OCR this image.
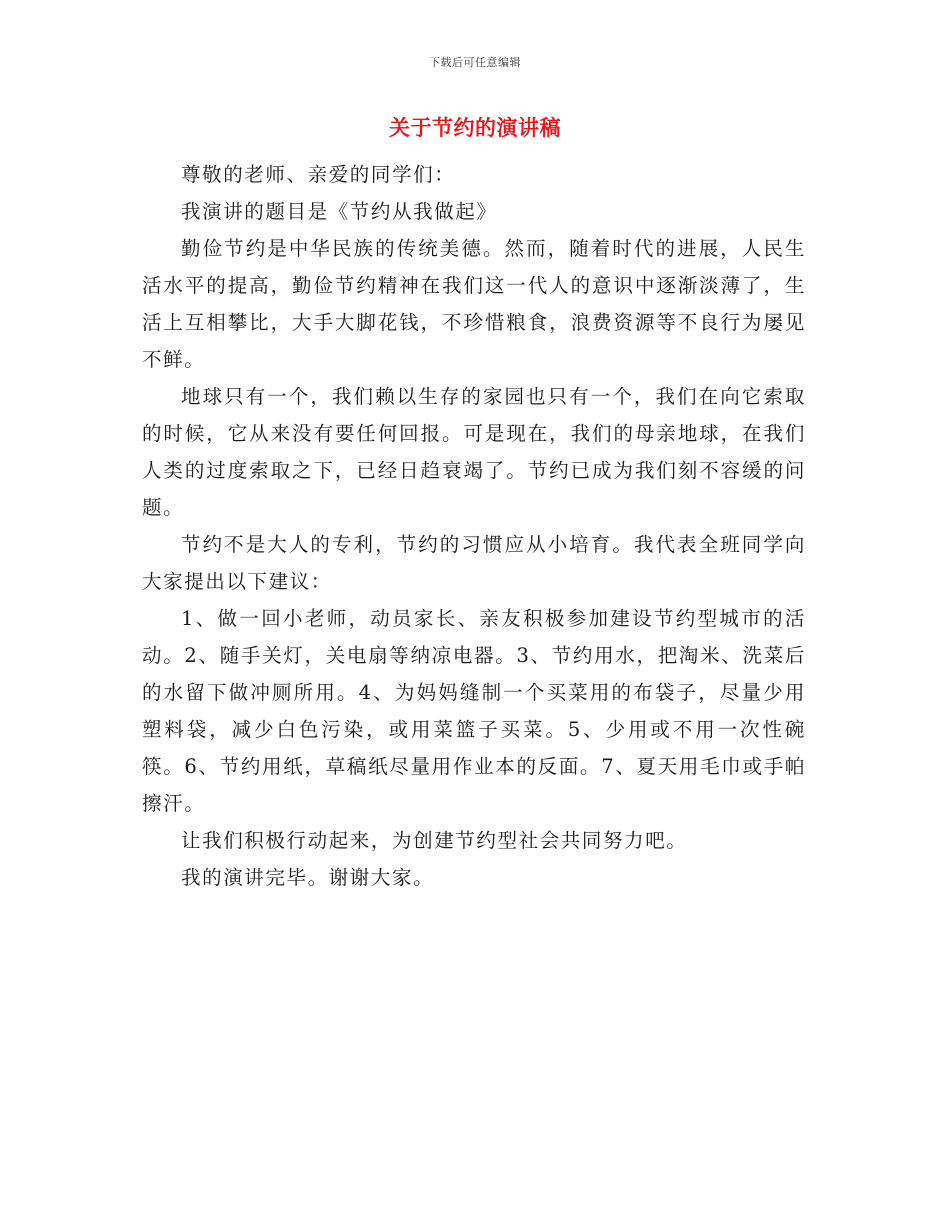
下载后可任意编辑
关于节约的演讲稿

尊敬的老师、亲爱的同学们：

我演讲的题目是《节约从我做起》

勤俭节约是中华民族的传统美德。然而，随着时代的进展，人民生活水平的提高，勤俭节约精神在我们这一代人的意识中逐渐淡薄了，生活上互相攀比，大手大脚花钱，不珍惜粮食，浪费资源等不良行为屡见不鲜。

地球只有一个，我们赖以生存的家园也只有一个，我们在向它索取的时候，它从来没有要任何回报。可是现在，我们的母亲地球，在我们人类的过度索取之下，已经日趋衰竭了。节约已成为我们刻不容缓的问题。

节约不是大人的专利，节约的习惯应从小培育。我代表全班同学向大家提出以下建议：

1、做一回小老师，动员家长、亲友积极参加建设节约型城市的活动。2、随手关灯，关电扇等纳凉电器。3、节约用水，把淘米、洗菜后的水留下做冲厕所用。4、为妈妈缝制一个买菜用的布袋子，尽量少用塑料袋，减少白色污染，或用菜篮子买菜。5、少用或不用一次性碗筷。6、节约用纸，草稿纸尽量用作业本的反面。7、夏天用毛巾或手帕擦汗。

让我们积极行动起来，为创建节约型社会共同努力吧。

我的演讲完毕。谢谢大家。
